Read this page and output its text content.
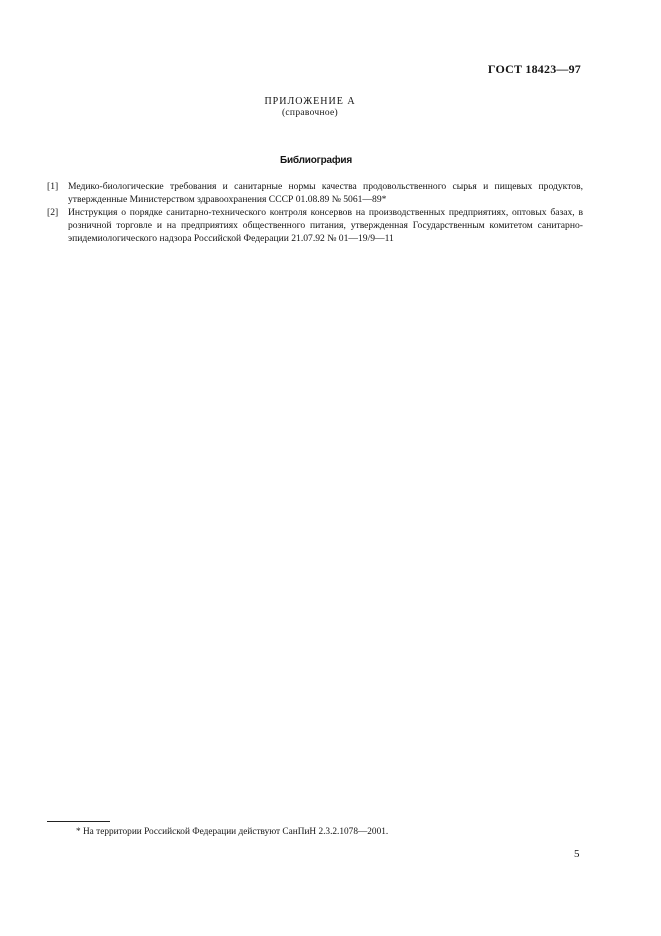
ГОСТ 18423—97
ПРИЛОЖЕНИЕ А
(справочное)
Библиография
[1] Медико-биологические требования и санитарные нормы качества продовольственного сырья и пищевых продуктов, утвержденные Министерством здравоохранения СССР 01.08.89 № 5061—89*
[2] Инструкция о порядке санитарно-технического контроля консервов на производственных предприятиях, оптовых базах, в розничной торговле и на предприятиях общественного питания, утвержденная Государственным комитетом санитарно-эпидемиологического надзора Российской Федерации 21.07.92 № 01—19/9—11
* На территории Российской Федерации действуют СанПиН 2.3.2.1078—2001.
5
